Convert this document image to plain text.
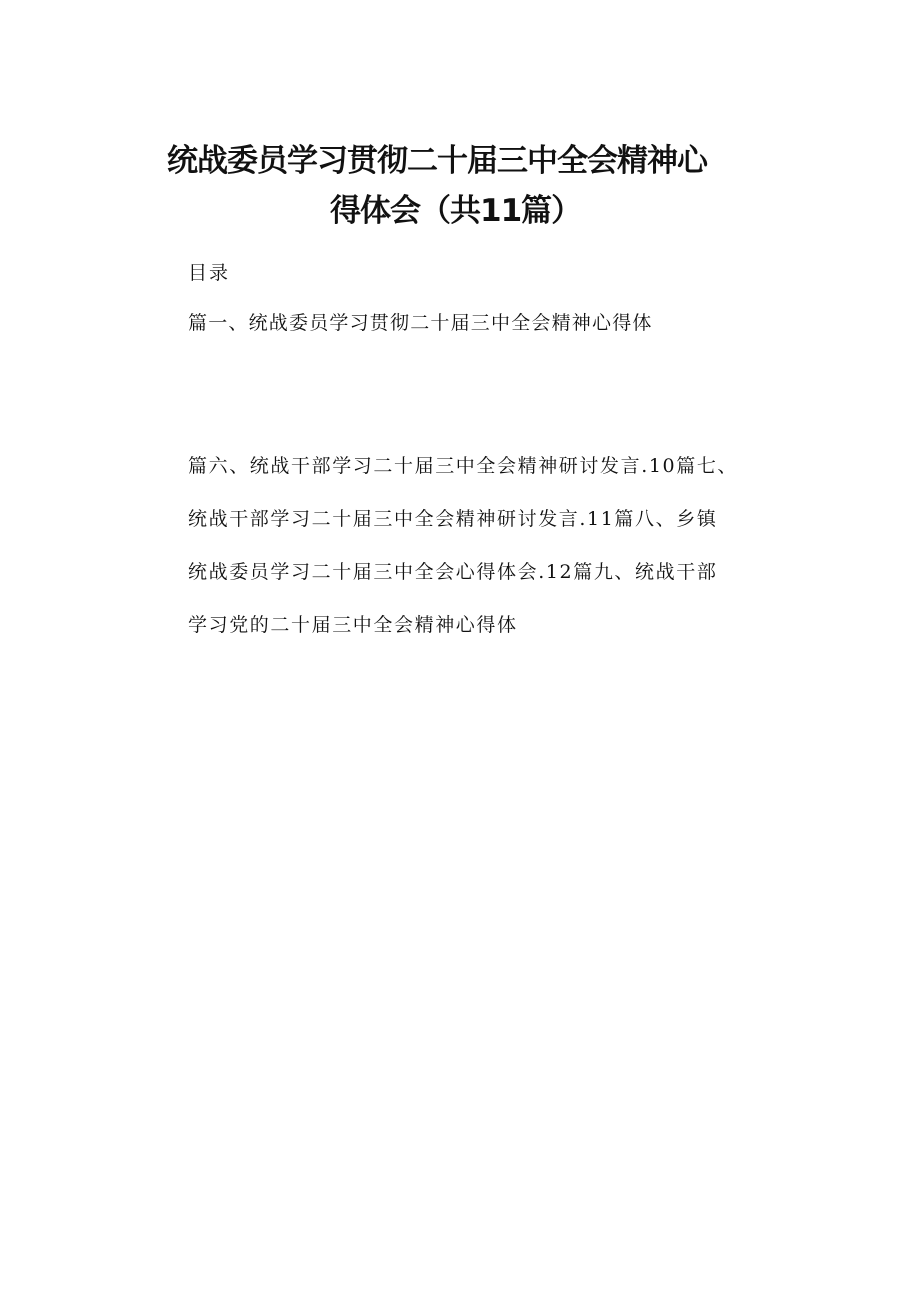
统战委员学习贯彻二十届三中全会精神心
得体会（共11篇）

目录

篇一、统战委员学习贯彻二十届三中全会精神心得体

篇六、统战干部学习二十届三中全会精神研讨发言.10篇七、
统战干部学习二十届三中全会精神研讨发言.11篇八、乡镇
统战委员学习二十届三中全会心得体会.12篇九、统战干部
学习党的二十届三中全会精神心得体
